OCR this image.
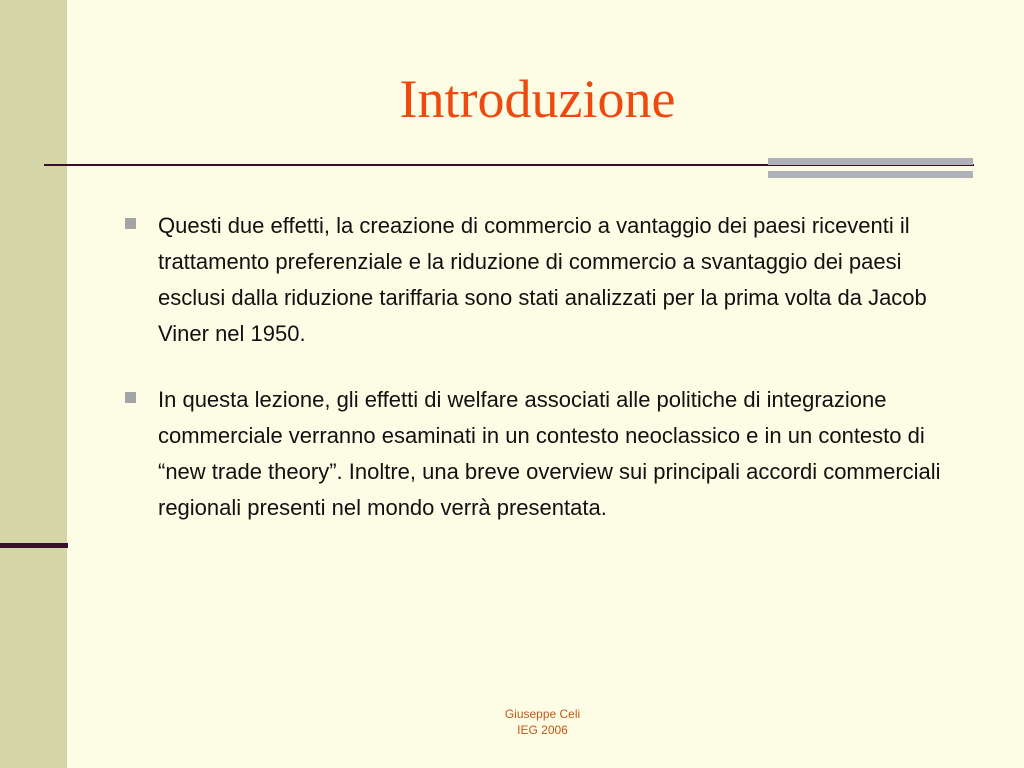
Introduzione
Questi due effetti, la creazione di commercio a vantaggio dei paesi riceventi il trattamento preferenziale e la riduzione di commercio a svantaggio dei paesi esclusi dalla riduzione tariffaria sono stati analizzati per la prima volta da Jacob Viner nel 1950.
In questa lezione, gli effetti di welfare associati alle politiche di integrazione commerciale verranno esaminati in un contesto neoclassico e in un contesto di “new trade theory”. Inoltre, una breve overview sui principali accordi commerciali regionali presenti nel mondo verrà presentata.
Giuseppe Celi
IEG 2006
